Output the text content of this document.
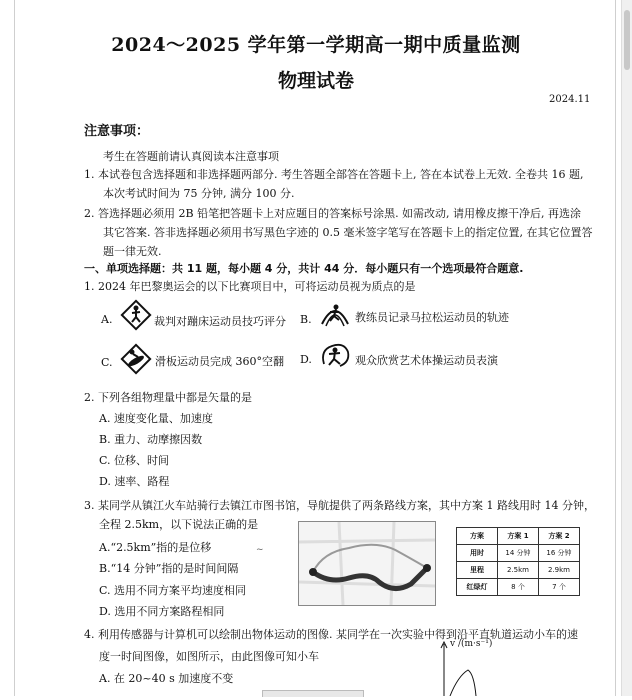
2024～2025 学年第一学期高一期中质量监测
物理试卷
2024.11
注意事项：
考生在答题前请认真阅读本注意事项
1. 本试卷包含选择题和非选择题两部分. 考生答题全部答在答题卡上, 答在本试卷上无效. 全卷共 16 题,
本次考试时间为 75 分钟, 满分 100 分.
2. 答选择题必须用 2B 铅笔把答题卡上对应题目的答案标号涂黑. 如需改动, 请用橡皮擦干净后, 再选涂
其它答案. 答非选择题必须用书写黑色字迹的 0.5 毫米签字笔写在答题卡上的指定位置, 在其它位置答
题一律无效.
一、单项选择题：共 11 题，每小题 4 分，共计 44 分．每小题只有一个选项最符合题意.
1. 2024 年巴黎奥运会的以下比赛项目中，可将运动员视为质点的是
A.	裁判对蹦床运动员技巧评分 B.	教练员记录马拉松运动员的轨迹
C.	滑板运动员完成 360°空翻 D.	观众欣赏艺术体操运动员表演
2. 下列各组物理量中都是矢量的是
A. 速度变化量、加速度
B. 重力、动摩擦因数
C. 位移、时间
D. 速率、路程
3. 某同学从镇江火车站骑行去镇江市图书馆，导航提供了两条路线方案，其中方案 1 路线用时 14 分钟，
全程 2.5km，以下说法正确的是
A.“2.5km”指的是位移
B.“14 分钟”指的是时间间隔
C. 选用不同方案平均速度相同
D. 选用不同方案路程相同
~
方案	方案 1	方案 2
用时	14 分钟	16 分钟
里程	2.5km	2.9km
红绿灯	8 个	7 个
4. 利用传感器与计算机可以绘制出物体运动的图像. 某同学在一次实验中得到沿平直轨道运动小车的速
度一时间图像，如图所示，由此图像可知小车
A. 在 20~40 s 加速度不变
v /(m·s⁻¹)
